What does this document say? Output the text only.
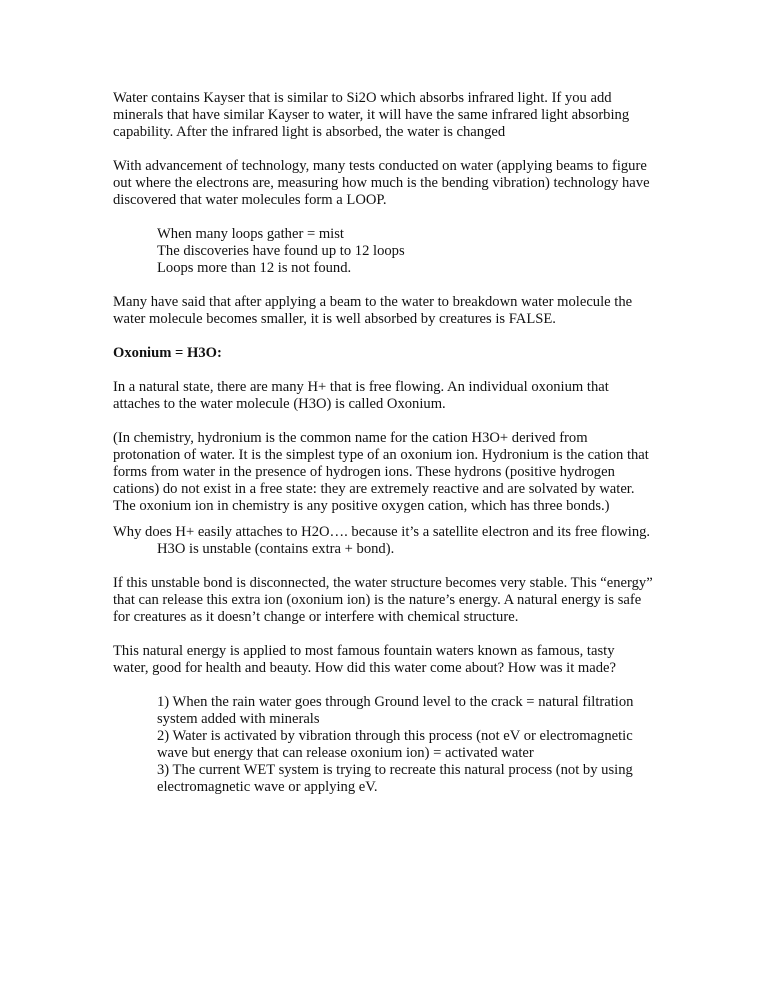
Water contains Kayser that is similar to Si2O which absorbs infrared light. If you add minerals that have similar Kayser to water, it will have the same infrared light absorbing capability. After the infrared light is absorbed, the water is changed

With advancement of technology, many tests conducted on water (applying beams to figure out where the electrons are, measuring how much is the bending vibration) technology have discovered that water molecules form a LOOP.

When many loops gather = mist

The discoveries have found up to 12 loops

Loops more than 12 is not found.

Many have said that after applying a beam to the water to breakdown water molecule the water molecule becomes smaller, it is well absorbed by creatures is FALSE.

Oxonium = H3O:

In a natural state, there are many H+ that is free flowing. An individual oxonium that attaches to the water molecule (H3O) is called Oxonium.

(In chemistry, hydronium is the common name for the cation H3O+ derived from protonation of water. It is the simplest type of an oxonium ion. Hydronium is the cation that forms from water in the presence of hydrogen ions. These hydrons (positive hydrogen cations) do not exist in a free state: they are extremely reactive and are solvated by water. The oxonium ion in chemistry is any positive oxygen cation, which has three bonds.)

Why does H+ easily attaches to H2O…. because it’s a satellite electron and its free flowing.

H3O is unstable (contains extra + bond).

If this unstable bond is disconnected, the water structure becomes very stable. This “energy” that can release this extra ion (oxonium ion) is the nature’s energy. A natural energy is safe for creatures as it doesn’t change or interfere with chemical structure.

This natural energy is applied to most famous fountain waters known as famous, tasty water, good for health and beauty. How did this water come about? How was it made?

1) When the rain water goes through Ground level to the crack = natural filtration system added with minerals

2) Water is activated by vibration through this process (not eV or electromagnetic wave but energy that can release oxonium ion) = activated water

3) The current WET system is trying to recreate this natural process (not by using electromagnetic wave or applying eV.
